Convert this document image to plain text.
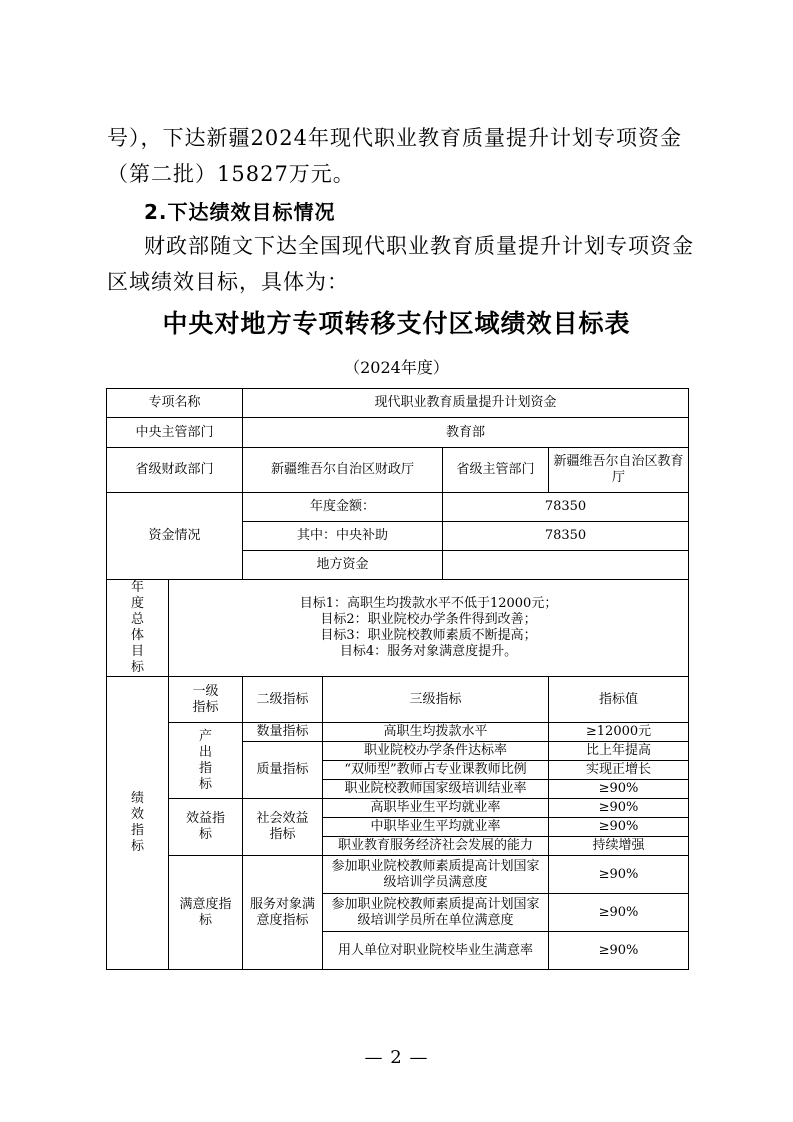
号），下达新疆2024年现代职业教育质量提升计划专项资金
（第二批）15827万元。
2.下达绩效目标情况
财政部随文下达全国现代职业教育质量提升计划专项资金
区域绩效目标，具体为：
中央对地方专项转移支付区域绩效目标表
（2024年度）
专项名称		现代职业教育质量提升计划资金			
中央主管部门		教育部			
省级财政部门		新疆维吾尔自治区财政厅		省级主管部门	新疆维吾尔自治区教育厅
资金情况		年度金额：		78350	
		其中：中央补助		78350	
		地方资金			
年度总体目标	目标1：高职生均拨款水平不低于12000元；
目标2：职业院校办学条件得到改善；
目标3：职业院校教师素质不断提高；
目标4：服务对象满意度提升。				

绩效指标	一级指标	二级指标	三级指标		指标值
	产出指标	数量指标	高职生均拨款水平		≥12000元
		质量指标	职业院校办学条件达标率		比上年提高
			“双师型”教师占专业课教师比例		实现正增长
			职业院校教师国家级培训结业率		≥90%
	效益指标	社会效益指标	高职毕业生平均就业率		≥90%
			中职毕业生平均就业率		≥90%
			职业教育服务经济社会发展的能力		持续增强
	满意度指标	服务对象满意度指标	参加职业院校教师素质提高计划国家级培训学员满意度		≥90%
			参加职业院校教师素质提高计划国家级培训学员所在单位满意度		≥90%
			用人单位对职业院校毕业生满意率		≥90%
— 2 —
